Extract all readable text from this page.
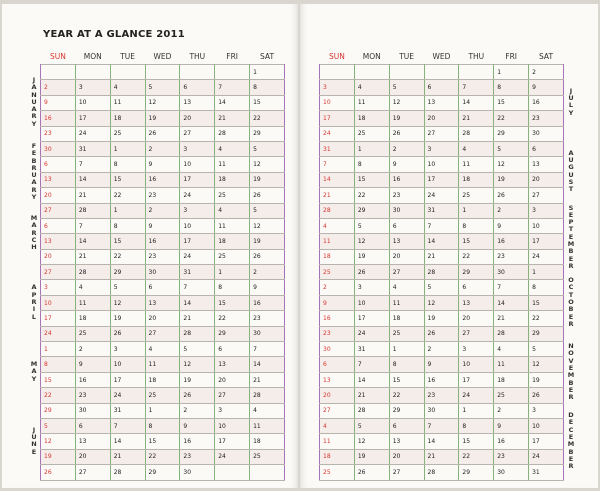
YEAR AT A GLANCE 2011
SUN	MON	TUE	WED	THU	FRI	SAT
						1
2	3	4	5	6	7	8
9	10	11	12	13	14	15
16	17	18	19	20	21	22
23	24	25	26	27	28	29
30	31	1	2	3	4	5
6	7	8	9	10	11	12
13	14	15	16	17	18	19
20	21	22	23	24	25	26
27	28	1	2	3	4	5
6	7	8	9	10	11	12
13	14	15	16	17	18	19
20	21	22	23	24	25	26
27	28	29	30	31	1	2
3	4	5	6	7	8	9
10	11	12	13	14	15	16
17	18	19	20	21	22	23
24	25	26	27	28	29	30
1	2	3	4	5	6	7
8	9	10	11	12	13	14
15	16	17	18	19	20	21
22	23	24	25	26	27	28
29	30	31	1	2	3	4
5	6	7	8	9	10	11
12	13	14	15	16	17	18
19	20	21	22	23	24	25
26	27	28	29	30		
J
A
N
U
A
R
Y
F
E
B
R
U
A
R
Y
M
A
R
C
H
A
P
R
I
L
M
A
Y
J
U
N
E
SUN	MON	TUE	WED	THU	FRI	SAT
					1	2
3	4	5	6	7	8	9
10	11	12	13	14	15	16
17	18	19	20	21	22	23
24	25	26	27	28	29	30
31	1	2	3	4	5	6
7	8	9	10	11	12	13
14	15	16	17	18	19	20
21	22	23	24	25	26	27
28	29	30	31	1	2	3
4	5	6	7	8	9	10
11	12	13	14	15	16	17
18	19	20	21	22	23	24
25	26	27	28	29	30	1
2	3	4	5	6	7	8
9	10	11	12	13	14	15
16	17	18	19	20	21	22
23	24	25	26	27	28	29
30	31	1	2	3	4	5
6	7	8	9	10	11	12
13	14	15	16	17	18	19
20	21	22	23	24	25	26
27	28	29	30	1	2	3
4	5	6	7	8	9	10
11	12	13	14	15	16	17
18	19	20	21	22	23	24
25	26	27	28	29	30	31
J
U
L
Y
A
U
G
U
S
T
S
E
P
T
E
M
B
E
R
O
C
T
O
B
E
R
N
O
V
E
M
B
E
R
D
E
C
E
M
B
E
R
